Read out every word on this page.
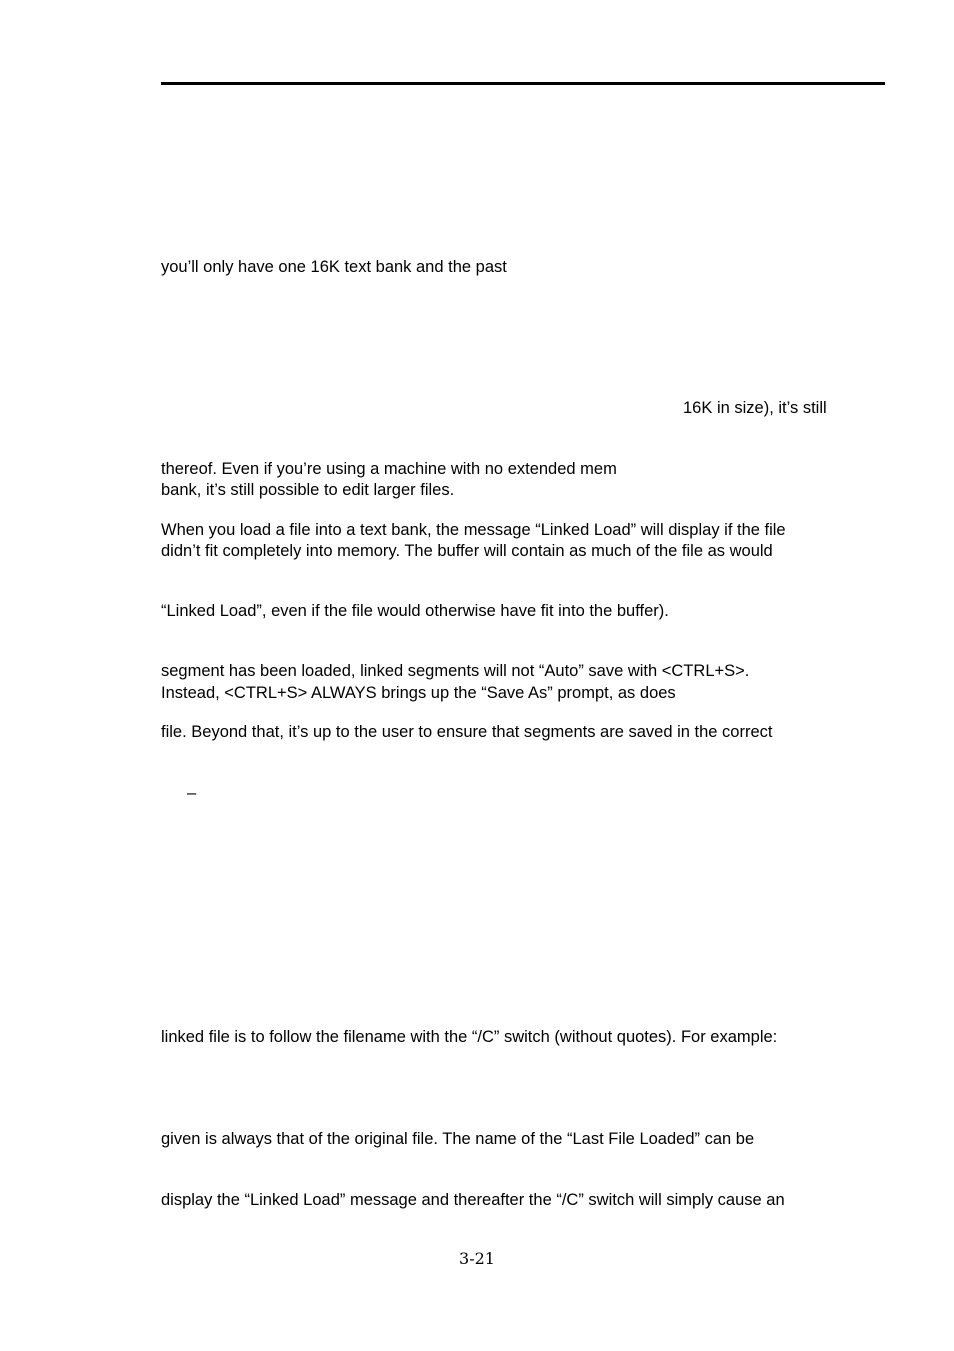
you’ll only have one 16K text bank and the past
16K in size), it’s still
thereof. Even if you’re using a machine with no extended mem
bank, it’s still possible to edit larger files.
When you load a file into a text bank, the message “Linked Load” will display if the file
didn’t fit completely into memory. The buffer will contain as much of the file as would
“Linked Load”, even if the file would otherwise have fit into the buffer).
segment has been loaded, linked segments will not “Auto” save with <CTRL+S>.
Instead, <CTRL+S> ALWAYS brings up the “Save As” prompt, as does
file. Beyond that, it’s up to the user to ensure that segments are saved in the correct
–
linked file is to follow the filename with the “/C” switch (without quotes). For example:
given is always that of the original file. The name of the “Last File Loaded” can be
display the “Linked Load” message and thereafter the “/C” switch will simply cause an
3-21
